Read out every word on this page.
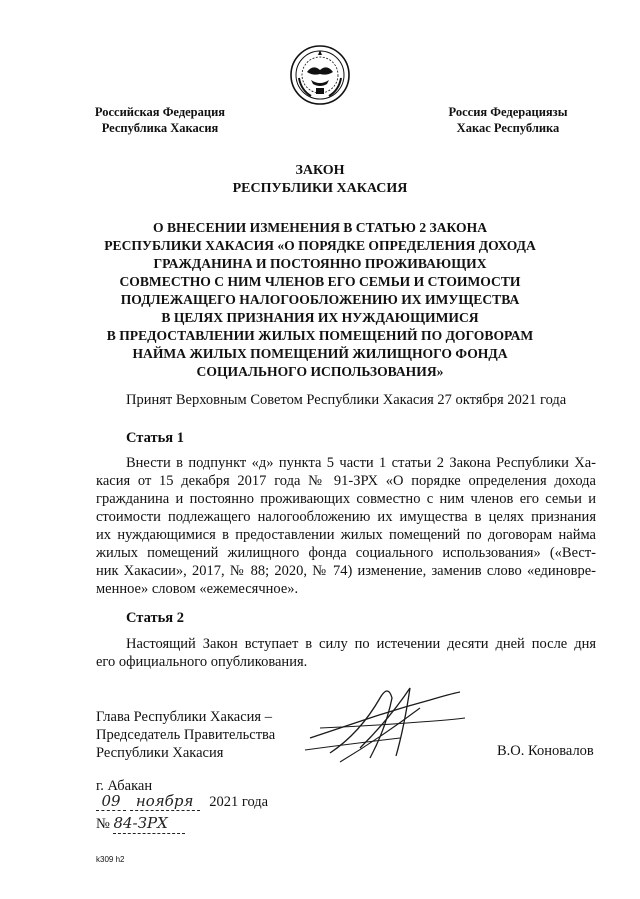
Российская Федерация
Республика Хакасия
Россия Федерациязы
Хакас Республика
ЗАКОН
РЕСПУБЛИКИ ХАКАСИЯ
О ВНЕСЕНИИ ИЗМЕНЕНИЯ В СТАТЬЮ 2 ЗАКОНА
РЕСПУБЛИКИ ХАКАСИЯ «О ПОРЯДКЕ ОПРЕДЕЛЕНИЯ ДОХОДА
ГРАЖДАНИНА И ПОСТОЯННО ПРОЖИВАЮЩИХ
СОВМЕСТНО С НИМ ЧЛЕНОВ ЕГО СЕМЬИ И СТОИМОСТИ
ПОДЛЕЖАЩЕГО НАЛОГООБЛОЖЕНИЮ ИХ ИМУЩЕСТВА
В ЦЕЛЯХ ПРИЗНАНИЯ ИХ НУЖДАЮЩИМИСЯ
В ПРЕДОСТАВЛЕНИИ ЖИЛЫХ ПОМЕЩЕНИЙ ПО ДОГОВОРАМ
НАЙМА ЖИЛЫХ ПОМЕЩЕНИЙ ЖИЛИЩНОГО ФОНДА
СОЦИАЛЬНОГО ИСПОЛЬЗОВАНИЯ»
Принят Верховным Советом Республики Хакасия 27 октября 2021 года
Статья 1
Внести в подпункт «д» пункта 5 части 1 статьи 2 Закона Республики Ха-
касия от 15 декабря 2017 года № 91-ЗРХ «О порядке определения дохода
гражданина и постоянно проживающих совместно с ним членов его семьи и
стоимости подлежащего налогообложению их имущества в целях признания
их нуждающимися в предоставлении жилых помещений по договорам найма
жилых помещений жилищного фонда социального использования» («Вест-
ник Хакасии», 2017, № 88; 2020, № 74) изменение, заменив слово «единовре-
менное» словом «ежемесячное».
Статья 2
Настоящий Закон вступает в силу по истечении десяти дней после дня
его официального опубликования.
Глава Республики Хакасия –
Председатель Правительства
Республики Хакасия	В.О. Коновалов
г. Абакан
09 ноября 2021 года
№ 84-ЗРХ
k309 h2
